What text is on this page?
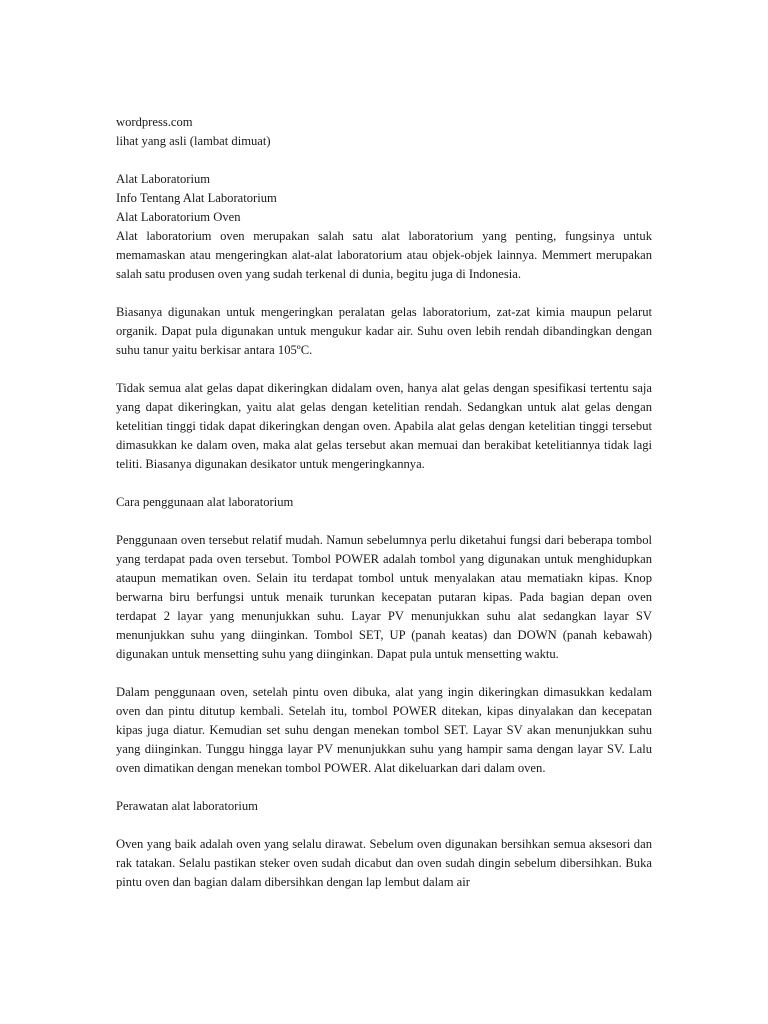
wordpress.com

lihat yang asli (lambat dimuat)

Alat Laboratorium

Info Tentang Alat Laboratorium

Alat Laboratorium Oven

Alat laboratorium oven merupakan salah satu alat laboratorium yang penting, fungsinya untuk memamaskan atau mengeringkan alat-alat laboratorium atau objek-objek lainnya. Memmert merupakan salah satu produsen oven yang sudah terkenal di dunia, begitu juga di Indonesia.

Biasanya digunakan untuk mengeringkan peralatan gelas laboratorium, zat-zat kimia maupun pelarut organik. Dapat pula digunakan untuk mengukur kadar air. Suhu oven lebih rendah dibandingkan dengan suhu tanur yaitu berkisar antara 105ºC.

Tidak semua alat gelas dapat dikeringkan didalam oven, hanya alat gelas dengan spesifikasi tertentu saja yang dapat dikeringkan, yaitu alat gelas dengan ketelitian rendah. Sedangkan untuk alat gelas dengan ketelitian tinggi tidak dapat dikeringkan dengan oven. Apabila alat gelas dengan ketelitian tinggi tersebut dimasukkan ke dalam oven, maka alat gelas tersebut akan memuai dan berakibat ketelitiannya tidak lagi teliti. Biasanya digunakan desikator untuk mengeringkannya.

Cara penggunaan alat laboratorium

Penggunaan oven tersebut relatif mudah. Namun sebelumnya perlu diketahui fungsi dari beberapa tombol yang terdapat pada oven tersebut. Tombol POWER adalah tombol yang digunakan untuk menghidupkan ataupun mematikan oven. Selain itu terdapat tombol untuk menyalakan atau mematiakn kipas. Knop berwarna biru berfungsi untuk menaik turunkan kecepatan putaran kipas. Pada bagian depan oven terdapat 2 layar yang menunjukkan suhu. Layar PV menunjukkan suhu alat sedangkan layar SV menunjukkan suhu yang diinginkan. Tombol SET, UP (panah keatas) dan DOWN (panah kebawah) digunakan untuk mensetting suhu yang diinginkan. Dapat pula untuk mensetting waktu.

Dalam penggunaan oven, setelah pintu oven dibuka, alat yang ingin dikeringkan dimasukkan kedalam oven dan pintu ditutup kembali. Setelah itu, tombol POWER ditekan, kipas dinyalakan dan kecepatan kipas juga diatur. Kemudian set suhu dengan menekan tombol SET. Layar SV akan menunjukkan suhu yang diinginkan. Tunggu hingga layar PV menunjukkan suhu yang hampir sama dengan layar SV. Lalu oven dimatikan dengan menekan tombol POWER. Alat dikeluarkan dari dalam oven.

Perawatan alat laboratorium

Oven yang baik adalah oven yang selalu dirawat. Sebelum oven digunakan bersihkan semua aksesori dan rak tatakan. Selalu pastikan steker oven sudah dicabut dan oven sudah dingin sebelum dibersihkan. Buka pintu oven dan bagian dalam dibersihkan dengan lap lembut dalam air
